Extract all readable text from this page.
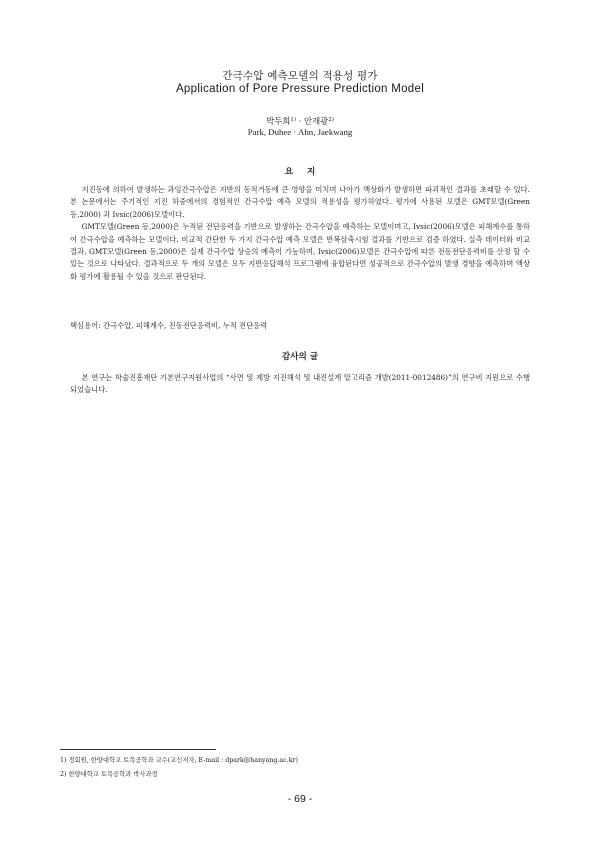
간극수압 예측모델의 적용성 평가
Application of Pore Pressure Prediction Model
박두희$^{1)}$ · 안재광$^{2)}$
Park, Duhee · Ahn, Jaekwang
요지

지진동에 의하여 발생하는 과잉간극수압은 지반의 동적거동에 큰 영향을 미치며 나아가 액상화가 발생하면 파괴적인 결과를 초래할 수 있다. 본 논문에서는 주기적인 지진 하중에서의 경험적인 간극수압 예측 모델의 적용성을 평가하였다. 평가에 사용된 모델은 GMT모델(Green 등,2000) 과 Ivsic(2006)모델이다.

GMT모델(Green 등,2000)은 누적된 전단응력을 기반으로 발생하는 간극수압을 예측하는 모델이며고, Ivsic(2006)모델은 피해계수를 통하여 간극수압을 예측하는 모델이다. 비교적 간단한 두 가지 간극수압 예측 모델은 반복삼축시험 결과를 기반으로 검증 하였다. 실측 데이터와 비교결과, GMT모델(Green 등,2000)은 실제 간극수압 상승의 예측이 가능하며, Ivsic(2006)모델은 간극수압에 따른 전동전단응력비를 산정 할 수 있는 것으로 나타났다. 결과적으로 두 개의 모델은 모두 지반응답해석 프로그램에 융합된다면 성공적으로 간극수압의 발생 경향을 예측하며 액상화 평가에 활용될 수 있을 것으로 판단된다.

핵심용어: 간극수압, 피해계수, 진동전단응력비, 누적 전단응력
감사의 글

본 연구는 학술진흥재단 기본연구지원사업의 “사면 및 제방 지진해석 및 내진설계 알고리즘 개발(2011-0012486)”의 연구비 지원으로 수행되었습니다.

1) 정회원, 한양대학교 토목공학과 교수(교신저자, E-mail : dpark@hanyang.ac.kr)
2) 한양대학교 토목공학과 박사과정
- 69 -
